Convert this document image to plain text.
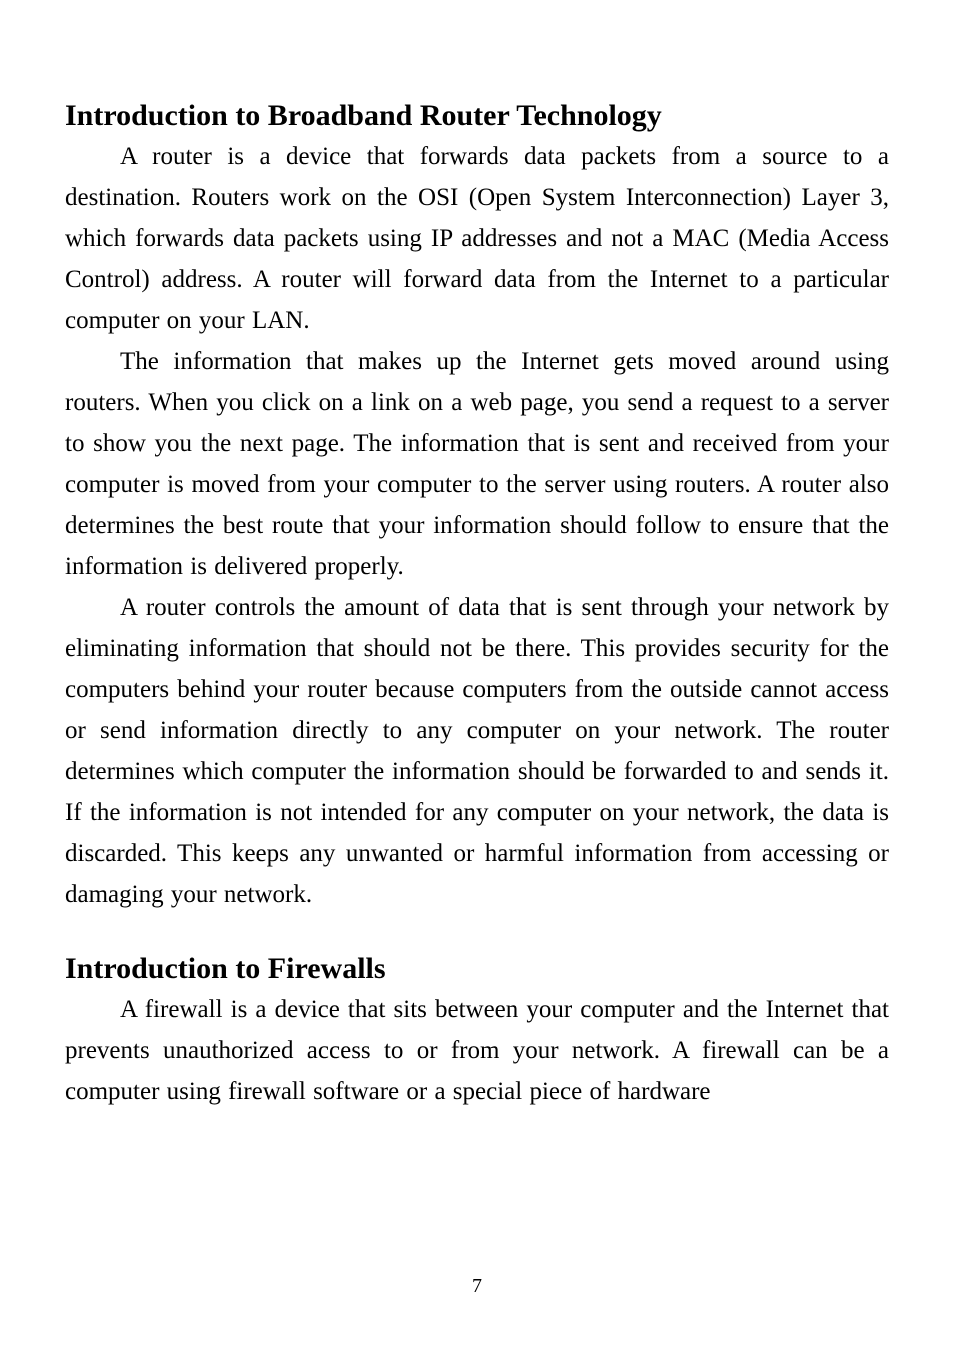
Introduction to Broadband Router Technology

A router is a device that forwards data packets from a source to a destination. Routers work on the OSI (Open System Interconnection) Layer 3, which forwards data packets using IP addresses and not a MAC (Media Access Control) address. A router will forward data from the Internet to a particular computer on your LAN.

The information that makes up the Internet gets moved around using routers. When you click on a link on a web page, you send a request to a server to show you the next page. The information that is sent and received from your computer is moved from your computer to the server using routers. A router also determines the best route that your information should follow to ensure that the information is delivered properly.

A router controls the amount of data that is sent through your network by eliminating information that should not be there. This provides security for the computers behind your router because computers from the outside cannot access or send information directly to any computer on your network. The router determines which computer the information should be forwarded to and sends it. If the information is not intended for any computer on your network, the data is discarded. This keeps any unwanted or harmful information from accessing or damaging your network.

Introduction to Firewalls

A firewall is a device that sits between your computer and the Internet that prevents unauthorized access to or from your network. A firewall can be a computer using firewall software or a special piece of hardware

7
